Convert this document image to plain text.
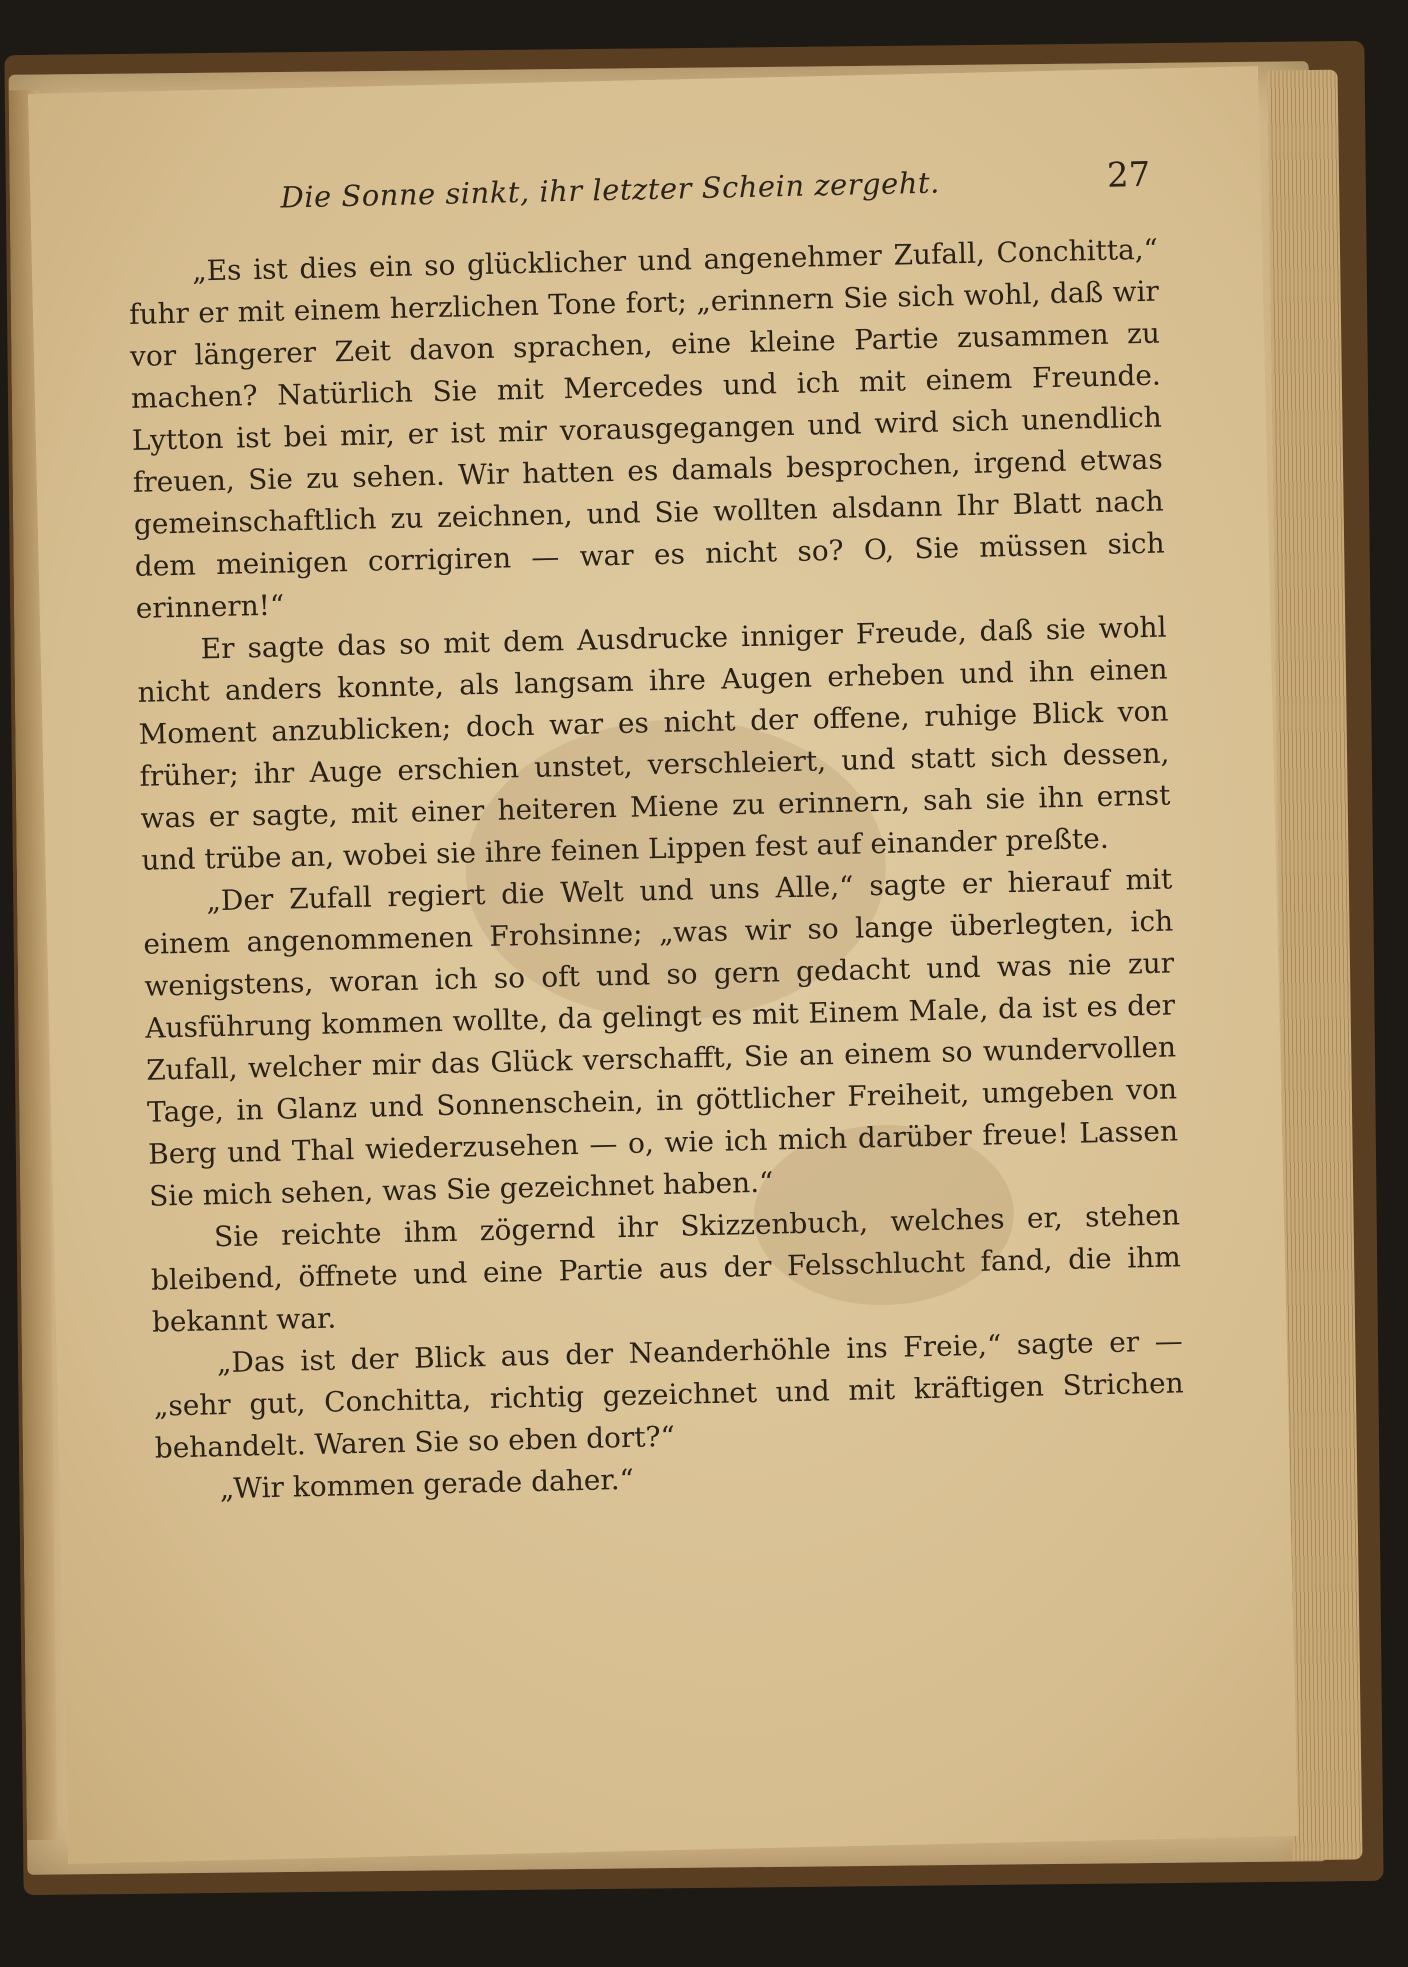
Die Sonne sinkt, ihr letzter Schein zergeht.	27

„Es ist dies ein so glücklicher und angenehmer Zufall, Conchitta,“ fuhr er mit einem herzlichen Tone fort; „erinnern Sie sich wohl, daß wir vor längerer Zeit davon sprachen, eine kleine Partie zusammen zu machen? Natürlich Sie mit Mercedes und ich mit einem Freunde. Lytton ist bei mir, er ist mir vorausgegangen und wird sich unendlich freuen, Sie zu sehen. Wir hatten es damals besprochen, irgend etwas gemeinschaftlich zu zeichnen, und Sie wollten alsdann Ihr Blatt nach dem meinigen corrigiren — war es nicht so? O, Sie müssen sich erinnern!“

Er sagte das so mit dem Ausdrucke inniger Freude, daß sie wohl nicht anders konnte, als langsam ihre Augen erheben und ihn einen Moment anzublicken; doch war es nicht der offene, ruhige Blick von früher; ihr Auge erschien unstet, verschleiert, und statt sich dessen, was er sagte, mit einer heiteren Miene zu erinnern, sah sie ihn ernst und trübe an, wobei sie ihre feinen Lippen fest auf einander preßte.

„Der Zufall regiert die Welt und uns Alle,“ sagte er hierauf mit einem angenommenen Frohsinne; „was wir so lange überlegten, ich wenigstens, woran ich so oft und so gern gedacht und was nie zur Ausführung kommen wollte, da gelingt es mit Einem Male, da ist es der Zufall, welcher mir das Glück verschafft, Sie an einem so wundervollen Tage, in Glanz und Sonnenschein, in göttlicher Freiheit, umgeben von Berg und Thal wiederzusehen — o, wie ich mich darüber freue! Lassen Sie mich sehen, was Sie gezeichnet haben.“

Sie reichte ihm zögernd ihr Skizzenbuch, welches er, stehen bleibend, öffnete und eine Partie aus der Felsschlucht fand, die ihm bekannt war.

„Das ist der Blick aus der Neanderhöhle ins Freie,“ sagte er — „sehr gut, Conchitta, richtig gezeichnet und mit kräftigen Strichen behandelt. Waren Sie so eben dort?“

„Wir kommen gerade daher.“
